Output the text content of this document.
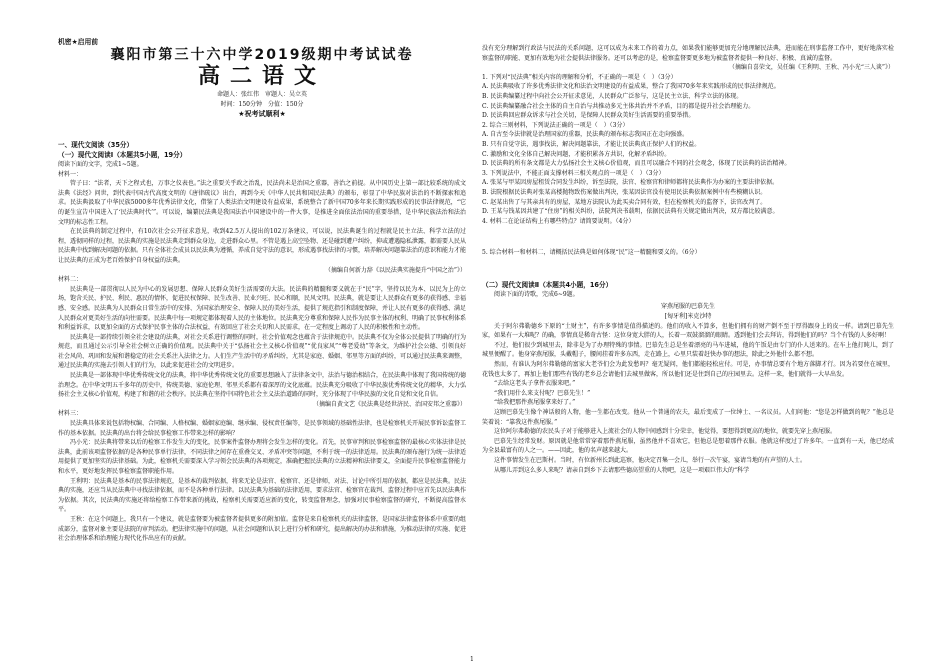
机密★启用前

襄阳市第三十六中学2019级期中考试试卷

高二语文

命题人：张红伟　审题人：吴立英

时间：150分钟　分值：150分

★祝考试顺利★

一、现代文阅读（35分）

（一）现代文阅读Ⅰ（本题共5小题，19分）

阅读下面的文字，完成1~5题。

材料一：

管子曰：“法者，天下之程式也，万事之仪表也。”法之重要关乎政之治乱，民法尚未是治国之重器，善治之前提。从中国历史上第一部比较系统的成文法典《法经》问世，到代表中国古代高度文明的《唐律疏议》出台，再到今天《中华人民共和国民法典》的颁布，彰显了中华民族对法治的不断探索和追求。民法典汲取了中华民族5000多年优秀法律文化，借鉴了人类法治文明建设有益成果，系统整合了新中国70多年来长期实践形成的民事法律规范，“它的诞生宣告中国进入了‘民法典时代’”。可以说，编纂民法典是我国法治中国建设中的一件大事，是推进全面依法治国的重要举措，是中华民族法治和法治文明的标志性工程。

在民法典的制定过程中，有10次社会公开征求意见，收到42.5万人提出的102万条建议，可以说，民法典诞生的过程就是民主立法、科学立法的过程，透彻同样的过程，民法典的实施是民法典走到群众身边，走进群众心里。不管是遇上高空坠物、还是碰到遭户纠纷，抑或遭遇隐私泄露，都需要人民从民法典中找到解决问题的依据。只有全体社会成员以民法典为遵循，养成自觉守法的意识，形成遇事找法律的习惯，培养解决问题靠法治的意识和能力才能让民法典的正成为老百姓保护自身权益的法典。

（摘编自何新力辞《以民法典实施提升“中国之治”》）

材料二：

民法典是一部贯彻以人民为中心的发展思想、保障人民群众美好生活需要的大法。民法典的精髓和要义就在于“民”字，坚持以民为本、以民为上的立场，饱含关民、护民、利民、惠民的情怀，促进民权保障、民生改善、民业兴旺、民心和顺，民风文明。民法典，就是要让人民群众有更多的获得感、幸福感、安全感。民法典为人民群众日常生活中的安排、为国家治理安全、保障人民的美好生活，提供了规范指引和制度保障，并让人民有更多的获得感、满足人民群众对更美好生活的向往需要。民法典中每一项规定都体现着人民的主体地位。民法典充分尊重和保障人民作为民事主体的权利、明确了民事权利体系和利益诉求，以更加全面的方式保护民事主体的合法权益，有效回应了社会关切和人民需求，在一定程度上调动了人民的积极性和主动性。

民法典是一部持续引领全社会建设的法典，对社会关系进行调整的同时，社会价值观念也蕴含于法律规范中。民法典不仅为全体公民提供了明确的行为规范，而且通过公示引导全社会树立正确的价值观。民法典中关于“弘扬社会主义核心价值观”“优良家风”“尊老爱幼”等条文，为维护社会公德、引领良好社会风尚、巩固和发展和谐稳定的社会关系注入法律之力。人们生产生活中的矛盾纠纷，尤其是家庭、婚姻、邻里等方面的纠纷，可以通过民法典来调整，通过民法典的实施去引领人们的行为，以此来促进社会的文明进步。

民法典是一部体现中华优秀传统文化的法典，将中华优秀传统文化的重要思想融入了法律条文中，法治与德治相结合，在民法典中体现了我国传统的德治理念。在中华文明五千多年的历史中，传统美德、家庭伦理、邻里关系都有着深厚的文化底蕴。民法典充分吸收了中华民族优秀传统文化的精华，大力弘扬社会主义核心价值观，构建了和谐的社会秩序。民法典在坚持中国特色社会主义法治道路的同时，充分体现了中华民族的文化自觉和文化自信。

（摘编自黄文艺《民法典是经世济民、治国安邦之重器》）

材料三：

民法典具体来说包括物权编、合同编、人格权编、婚姻家庭编、继承编、侵权责任编等，是民事领域的基础性法律，也是检察机关开展民事诉讼监督工作的基本依据。民法典的出台将会给民事检察工作带来怎样的影响？

冯小光：民法典将带来以后的检察工作发生大的变化，民事案件监督办理将会发生怎样的变化。首先，民事审判和民事检察监督的最核心实体法律是民法典，此前该项监督依据的是各种民事单行法律，不同法律之间存在重叠交叉、矛盾冲突等问题，不利于统一的法律适用。民法典的颁布施行为统一法律适用提供了更加坚实的法律基础。为此，检察机关需要深入学习领会民法典的各项规定，准确把握民法典的立法精神和法律要义，全面提升民事检察监督能力和水平，更好地发挥民事检察监督职能作用。

王利明：民法典是基本的民事法律规范，是基本的裁判依据，将来无论是法官、检察官、还是律师，对法、讨论中所引用的依据，都应是民法典。民法典的实施，还应当从民法典中寻找法律依据，而不是各种单行法律。以民法典为基础的法律适用，要求法官、检察官在裁判、监督过程中应首先以民法典作为依据。其次，民法典的实施还将给检察工作带来新的挑战，检察机关需要适应新的变化，转变监督理念，加强对民事检察监督的研究，不断提高监督水平。

王秋：在这个问题上，我只有一个建议，就是监督要为被监督者提供更多的附加值。监督是来自检察机关的法律监督，是国家法律监督体系中重要的组成部分，监督对象主要是法院的审判活动。把法律实施中的问题，从社会问题和认识上进行分析和研究，提出解决的办法和措施，为推动法律的实施、促进社会治理体系和治理能力现代化作出应有的贡献。

没有充分理解到行政法与民法的关系问题，这可以成为未来工作的着力点，如果我们能够更加充分地理解民法典，进而能在刑事监督工作中，更好地落实检察监督的职能、更加有效地为社会提供法律服务。还可以考虑的是，检察监督要更多地为被监督者提供一种良好、积极、真诚的监督。

（摘编自喜荣文，吴任编《王利明、王秋、冯小光“三人谈”》）

1. 下列对“民法典”相关内容的理解和分析，不正确的一项是（　）（3分）

A. 民法典吸收了许多优秀法律文化和法治文明建设的有益成果，整合了我国70多年来实践形成的民事法律规范。

B. 民法典编纂过程中向社会公开征求意见，人民群众广泛参与，这是民主立法、科学立法的体现。

C. 民法典编纂融合社会主体的自主自治与共推动多元主体共治并不矛盾，目的都是提升社会治理能力。

D. 民法典回应群众诉求与社会关切，是保障人民群众美好生活需要的重要举措。

2. 综合三则材料，下列说法正确的一项是（　）（3分）

A. 自古至今法律就是治理国家的重器，民法典的颁布标志我国正在走向强盛。

B. 只有自觉守法，遇事找法，解决问题靠法，才能让民法典真正保护人们的权益。

C. 激励和文化全体自己解决问题，才能积累各方共识，化解矛盾纠纷。

D. 民法典的所有条文都是大力弘扬社会主义核心价值观，而且可以融合不同的社会观念，体现了民法典的法治精神。

3. 下列说法中，不能正面支撑材料三相关观点的一项是（　）（3分）

A. 张某与甲某因房屋租赁合同发生纠纷，诉至法院，法官、检察官和律师都将民法典作为办案的主要法律依据。

B. 法院根据民法典对张某高楼抛物致伤案做出判决，张某因法官没有使用民法典依据案例中有些模糊认识。

C. 赵某出售了与其亲共有的房屋，某地方法院认为此买卖合同有效，但在检察机关的监督下，法官改判了。

D. 王某与钱某因共建了“住房”的相关纠纷，法院判决书载明，依据民法典有关规定做出判决，双方都比较满意。

4. 材料二在论证结构上有哪些特点？请简要说明。（4分）

5. 综合材料一和材料二，请概括民法典是如何体现“民”这一精髓和要义的。（6分）

（二）现代文阅读Ⅱ（本题共4小题，16分）

阅读下面的诗歌，完成6~9题。

穿燕尾服的巴慕先生

[匈牙利]米克沙特

关于阿尔弗勒德乡下原的“土财主”，有许多事情是值得描述的。他们的收入不算多，但他们拥有的财产倒不至于厚得跟身上的皮一样。请到巴慕先生家，如果有一大堆呢？的确，事情真是稀奇古怪：这位身宽大胖的人，长着一双鼓溜溜的眼睛。透到他们会去拜访，得到他们的吗？当个有钱的人多好啊！

不过，他们很少到城里去，除非是为了办理特殊的事情。巴慕先生总是坐着漂亮的马车进城，他的午饭是由专门的仆人送来的。在车上他打盹儿，到了城里便醒了。他身穿燕尾服，头戴帽子，腰间挂着许多东西，走在路上，心里只装着赶快办事的想法，除此之外他什么都不想。

然而，有谁认为阿尔弗勒德的富家大老爷们会为此发愁吗？毫无疑问，他们都能轻松应付。可是，办事情总要有个地方落脚才行。因为若要住在城里，花钱也太多了，再加上他们那些有钱的老乡总会请他们去城里做客，所以他们还是住到自己的庄园里去。这样一来，他们就得一大早出发。

“去给这老头子拿件衣服来吧。”

“我们用什么来支付呢？巴慕先生！”

“给我把那件燕尾服拿来好了。”

这顾巴慕先生像个神话般的人物，他一生都在改变。他从一个普通的农夫，最后变成了一位绅士、一名议员。人们问他：“您是怎样做到的呢？”他总是笑着说：“靠我这件燕尾服。”

这位阿尔弗勒德的农民头子对于能够进入上流社会的人物中间感到十分荣幸，他觉得，要想得到更高的地位，就要先穿上燕尾服。

巴慕先生经常发财。原因就是他常常穿着那件燕尾服，虽然他并不喜欢它，但他总是想着那件衣服。他就这样度过了许多年。一直到有一天，他已经成为全县最富有的人之一。——因此，他的名声越来越大。

这件事情发生在巴斯村。当时，有位新州长到此巡察，他决定召集一会儿，举行一次午宴，宴请当地的有声望的人士。

从哪儿弄到这么多人来呢？请亲自到乡下去请那些德高望重的人物吧，这是一项艰巨伟大的“科学

1
